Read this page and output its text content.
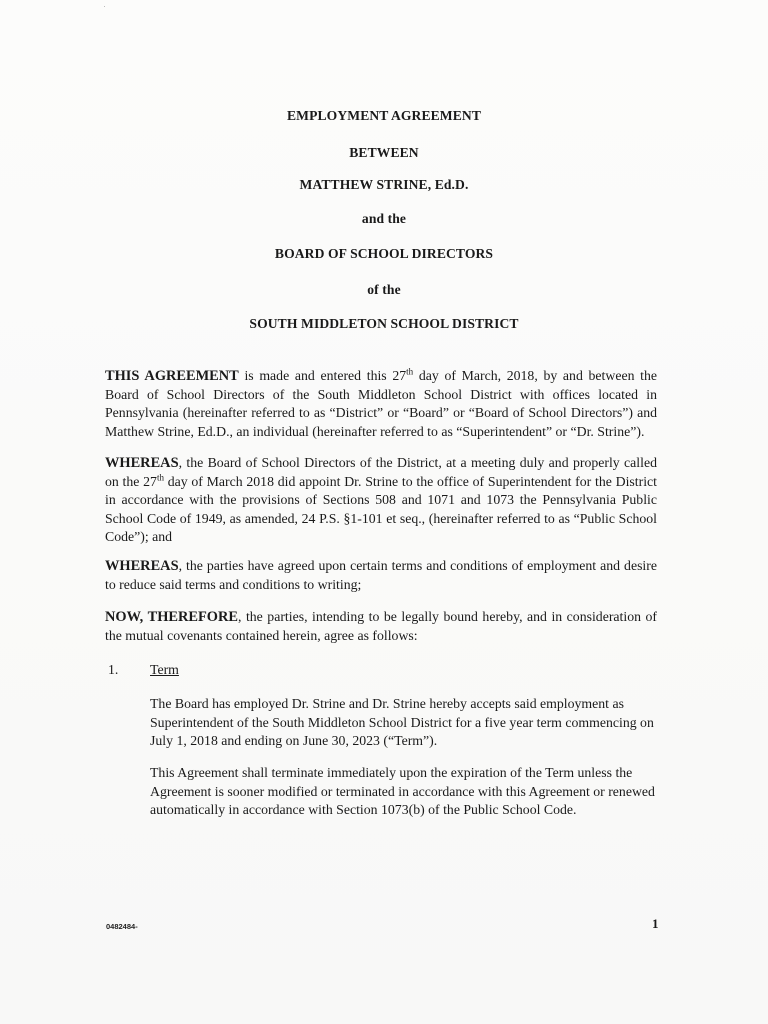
EMPLOYMENT AGREEMENT
BETWEEN
MATTHEW STRINE, Ed.D.
and the
BOARD OF SCHOOL DIRECTORS
of the
SOUTH MIDDLETON SCHOOL DISTRICT
THIS AGREEMENT is made and entered this 27th day of March, 2018, by and between the Board of School Directors of the South Middleton School District with offices located in Pennsylvania (hereinafter referred to as “District” or “Board” or “Board of School Directors”) and Matthew Strine, Ed.D., an individual (hereinafter referred to as “Superintendent” or “Dr. Strine”).
WHEREAS, the Board of School Directors of the District, at a meeting duly and properly called on the 27th day of March 2018 did appoint Dr. Strine to the office of Superintendent for the District in accordance with the provisions of Sections 508 and 1071 and 1073 the Pennsylvania Public School Code of 1949, as amended, 24 P.S. §1-101 et seq., (hereinafter referred to as “Public School Code”); and
WHEREAS, the parties have agreed upon certain terms and conditions of employment and desire to reduce said terms and conditions to writing;
NOW, THEREFORE, the parties, intending to be legally bound hereby, and in consideration of the mutual covenants contained herein, agree as follows:
1. Term
The Board has employed Dr. Strine and Dr. Strine hereby accepts said employment as Superintendent of the South Middleton School District for a five year term commencing on July 1, 2018 and ending on June 30, 2023 (“Term”).
This Agreement shall terminate immediately upon the expiration of the Term unless the Agreement is sooner modified or terminated in accordance with this Agreement or renewed automatically in accordance with Section 1073(b) of the Public School Code.
0482484-	1
